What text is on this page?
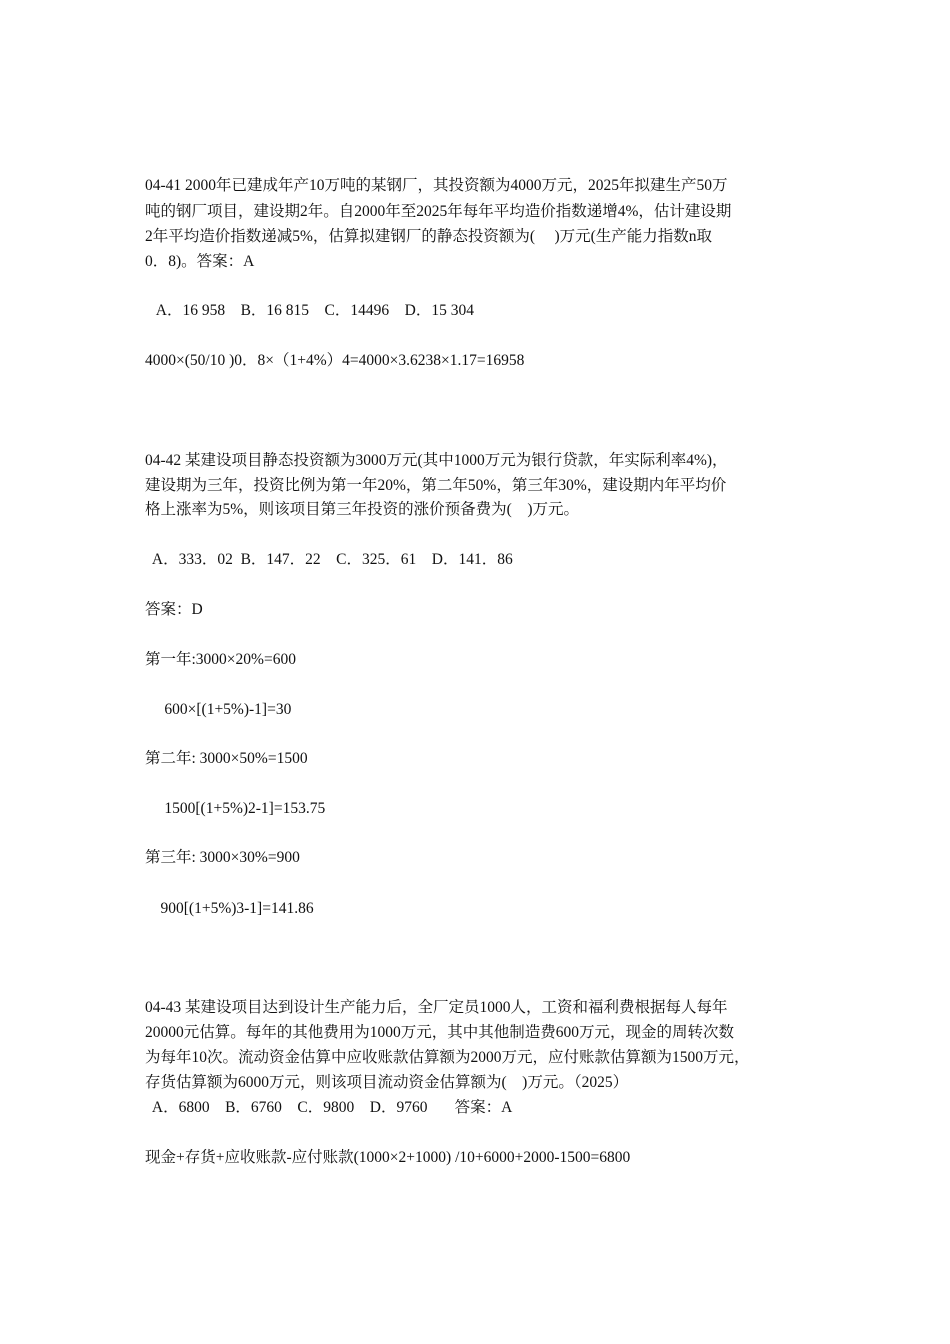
04-41 2000年已建成年产10万吨的某钢厂，其投资额为4000万元，2025年拟建生产50万
吨的钢厂项目，建设期2年。自2000年至2025年每年平均造价指数递增4%，估计建设期
2年平均造价指数递减5%，估算拟建钢厂的静态投资额为(     )万元(生产能力指数n取
0．8)。答案：A
A．16 958    B．16 815    C．14496    D．15 304
4000×(50/10 )0．8×（1+4%）4=4000×3.6238×1.17=16958
04-42 某建设项目静态投资额为3000万元(其中1000万元为银行贷款，年实际利率4%)，
建设期为三年，投资比例为第一年20%，第二年50%，第三年30%，建设期内年平均价
格上涨率为5%，则该项目第三年投资的涨价预备费为(    )万元。
A．333．02  B．147．22    C．325．61    D．141．86
答案：D
第一年:3000×20%=600
600×[(1+5%)-1]=30
第二年: 3000×50%=1500
1500[(1+5%)2-1]=153.75
第三年: 3000×30%=900
900[(1+5%)3-1]=141.86
04-43 某建设项目达到设计生产能力后，全厂定员1000人，工资和福利费根据每人每年
20000元估算。每年的其他费用为1000万元，其中其他制造费600万元，现金的周转次数
为每年10次。流动资金估算中应收账款估算额为2000万元，应付账款估算额为1500万元，
存货估算额为6000万元，则该项目流动资金估算额为(    )万元。（2025）
A．6800    B．6760    C．9800    D．9760       答案：A
现金+存货+应收账款-应付账款(1000×2+1000) /10+6000+2000-1500=6800
